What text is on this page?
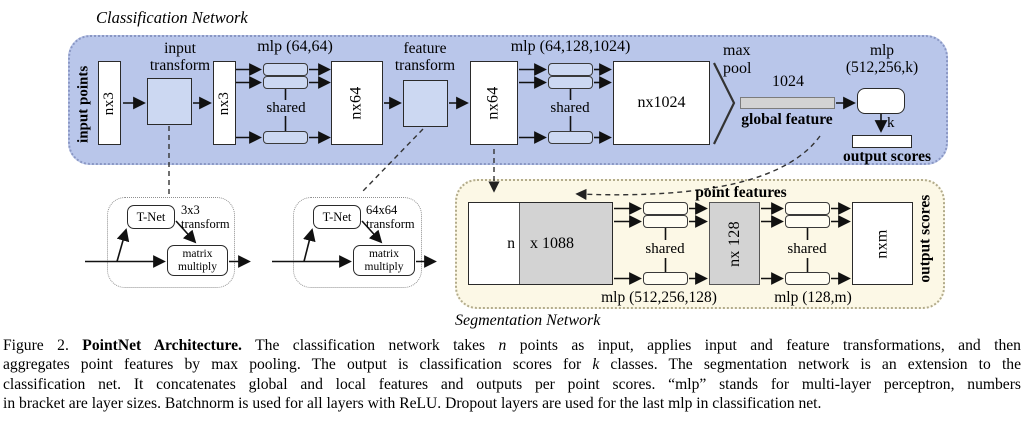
Classification Network
Segmentation Network
input points nx3
input
transform
nx3
mlp (64,64)
shared	nx64
feature
transform
nx64
mlp (64,128,1024)
shared	nx1024
max
pool
1024
global feature
mlp
(512,256,k)
k
output scores
T-Net 3x3
transform
matrix
multiply
T-Net 64x64
transform
matrix
multiply
point features
n x 1088	shared	nx 128	shared	nxm output scores
mlp (512,256,128)	mlp (128,m)
Figure 2. PointNet Architecture. The classification network takes n points as input, applies input and feature transformations, and then
aggregates point features by max pooling. The output is classification scores for k classes. The segmentation network is an extension to the
classification net. It concatenates global and local features and outputs per point scores. “mlp” stands for multi-layer perceptron, numbers
in bracket are layer sizes. Batchnorm is used for all layers with ReLU. Dropout layers are used for the last mlp in classification net.
